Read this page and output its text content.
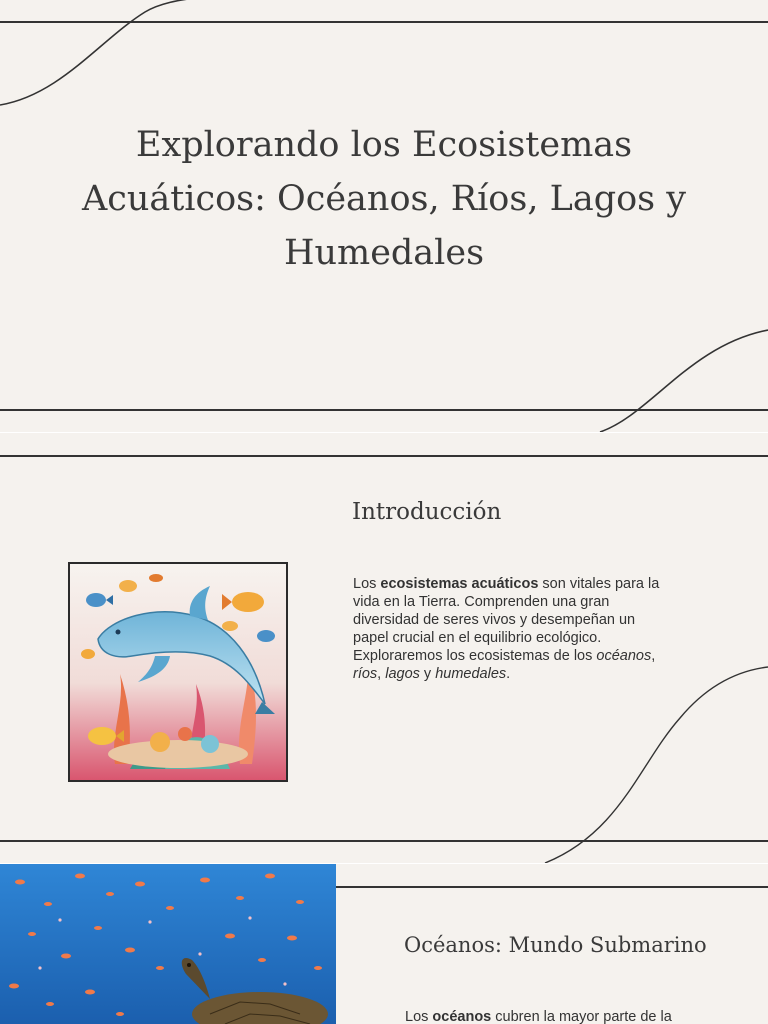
Explorando los Ecosistemas Acuáticos: Océanos, Ríos, Lagos y Humedales
Introducción

Los ecosistemas acuáticos son vitales para la vida en la Tierra. Comprenden una gran diversidad de seres vivos y desempeñan un papel crucial en el equilibrio ecológico. Exploraremos los ecosistemas de los océanos, ríos, lagos y humedales.

Océanos: Mundo Submarino

Los océanos cubren la mayor parte de la
